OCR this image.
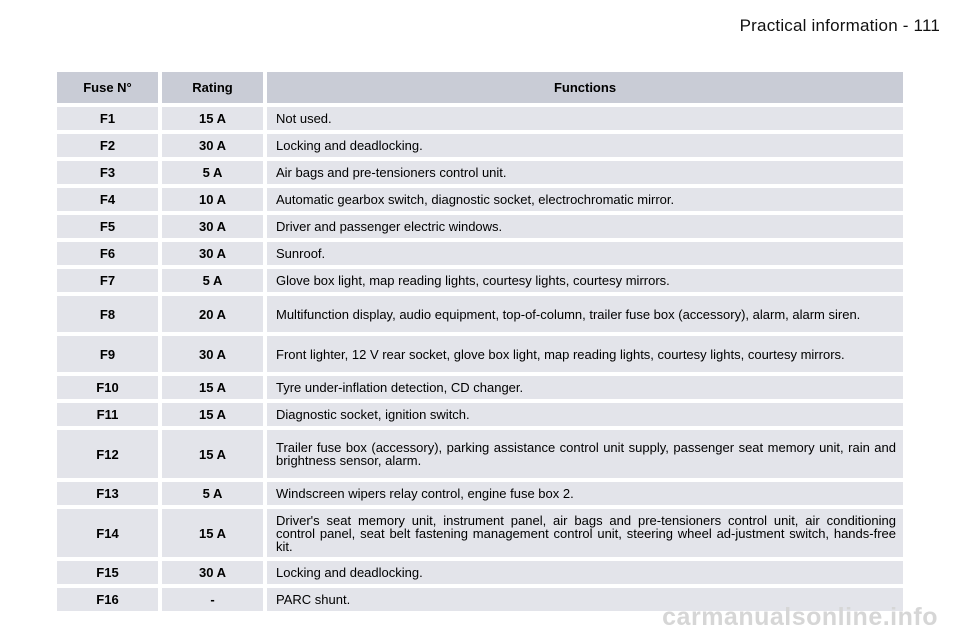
Practical information - 111
Fuse N°	Rating	Functions
F1	15 A	Not used.
F2	30 A	Locking and deadlocking.
F3	5 A	Air bags and pre-tensioners control unit.
F4	10 A	Automatic gearbox switch, diagnostic socket, electrochromatic mirror.
F5	30 A	Driver and passenger electric windows.
F6	30 A	Sunroof.
F7	5 A	Glove box light, map reading lights, courtesy lights, courtesy mirrors.
F8	20 A	Multifunction display, audio equipment, top-of-column, trailer fuse box (accessory), alarm, alarm siren.
F9	30 A	Front lighter, 12 V rear socket, glove box light, map reading lights, courtesy lights, courtesy mirrors.
F10	15 A	Tyre under-inflation detection, CD changer.
F11	15 A	Diagnostic socket, ignition switch.
F12	15 A	Trailer fuse box (accessory), parking assistance control unit supply, passenger seat memory unit, rain and brightness sensor, alarm.
F13	5 A	Windscreen wipers relay control, engine fuse box 2.
F14	15 A	Driver's seat memory unit, instrument panel, air bags and pre-tensioners control unit, air conditioning control panel, seat belt fastening management control unit, steering wheel ad-justment switch, hands-free kit.
F15	30 A	Locking and deadlocking.
F16	-	PARC shunt.
carmanualsonline.info
